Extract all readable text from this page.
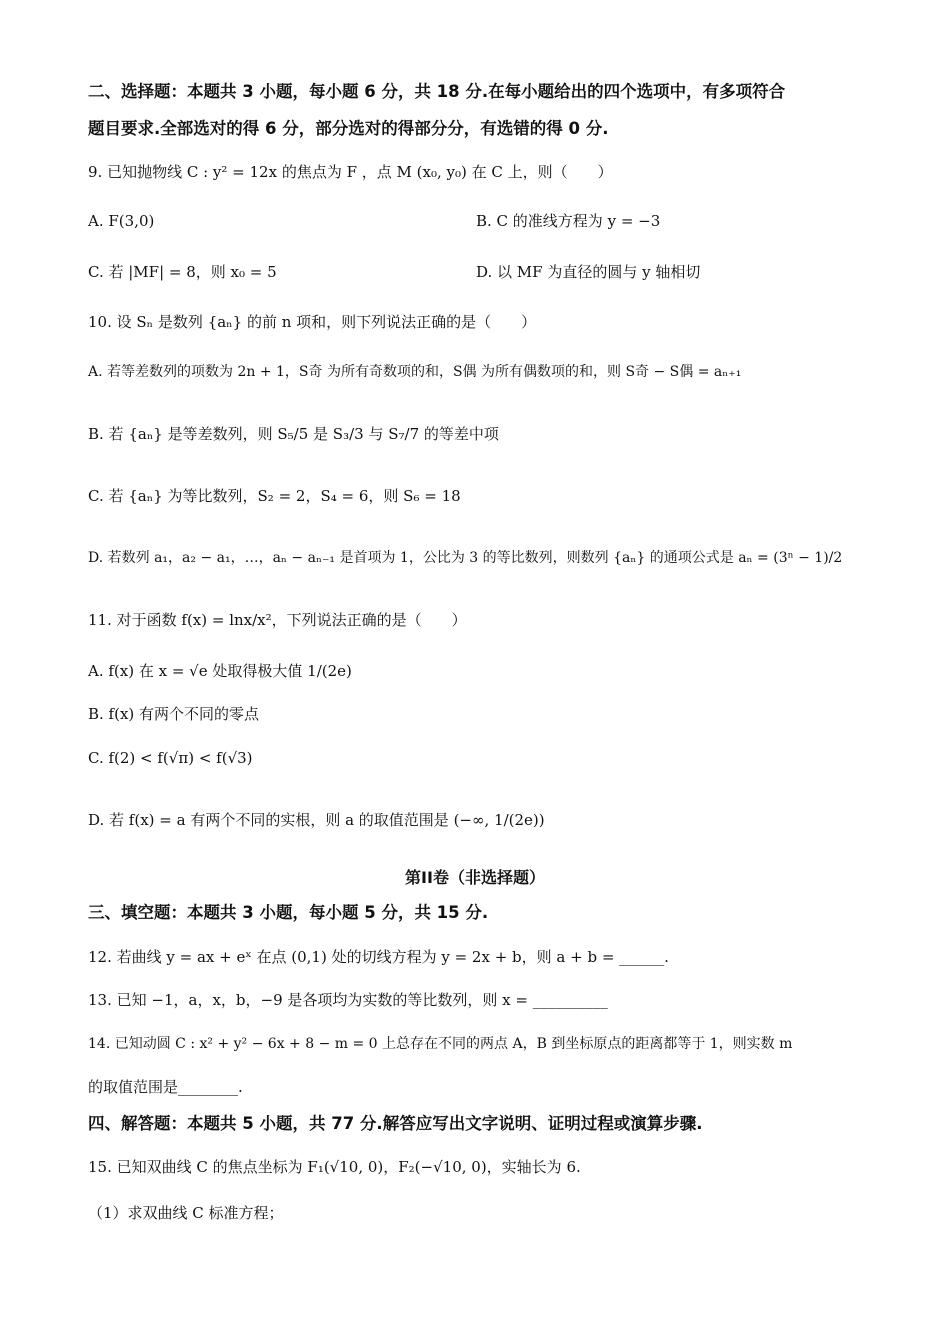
二、选择题：本题共 3 小题，每小题 6 分，共 18 分.在每小题给出的四个选项中，有多项符合
题目要求.全部选对的得 6 分，部分选对的得部分分，有选错的得 0 分.
9. 已知抛物线 C : y² = 12x 的焦点为 F ，点 M (x₀, y₀) 在 C 上，则（　　）
A. F(3,0)	B. C 的准线方程为 y = −3
C. 若 |MF| = 8，则 x₀ = 5	D. 以 MF 为直径的圆与 y 轴相切
10. 设 Sₙ 是数列 {aₙ} 的前 n 项和，则下列说法正确的是（　　）
A. 若等差数列的项数为 2n + 1，S奇 为所有奇数项的和，S偶 为所有偶数项的和，则 S奇 − S偶 = aₙ₊₁
B. 若 {aₙ} 是等差数列，则 S₅/5 是 S₃/3 与 S₇/7 的等差中项
C. 若 {aₙ} 为等比数列，S₂ = 2，S₄ = 6，则 S₆ = 18
D. 若数列 a₁，a₂ − a₁，…，aₙ − aₙ₋₁ 是首项为 1，公比为 3 的等比数列，则数列 {aₙ} 的通项公式是 aₙ = (3ⁿ − 1)/2
11. 对于函数 f(x) = lnx/x²，下列说法正确的是（　　）
A. f(x) 在 x = √e 处取得极大值 1/(2e)
B. f(x) 有两个不同的零点
C. f(2) < f(√π) < f(√3)
D. 若 f(x) = a 有两个不同的实根，则 a 的取值范围是 (−∞, 1/(2e))
第II卷（非选择题）
三、填空题：本题共 3 小题，每小题 5 分，共 15 分.
12. 若曲线 y = ax + eˣ 在点 (0,1) 处的切线方程为 y = 2x + b，则 a + b = ______.
13. 已知 −1，a，x，b，−9 是各项均为实数的等比数列，则 x = __________
14. 已知动圆 C : x² + y² − 6x + 8 − m = 0 上总存在不同的两点 A，B 到坐标原点的距离都等于 1，则实数 m
的取值范围是________.
四、解答题：本题共 5 小题，共 77 分.解答应写出文字说明、证明过程或演算步骤.
15. 已知双曲线 C 的焦点坐标为 F₁(√10, 0)，F₂(−√10, 0)，实轴长为 6.
（1）求双曲线 C 标准方程；
